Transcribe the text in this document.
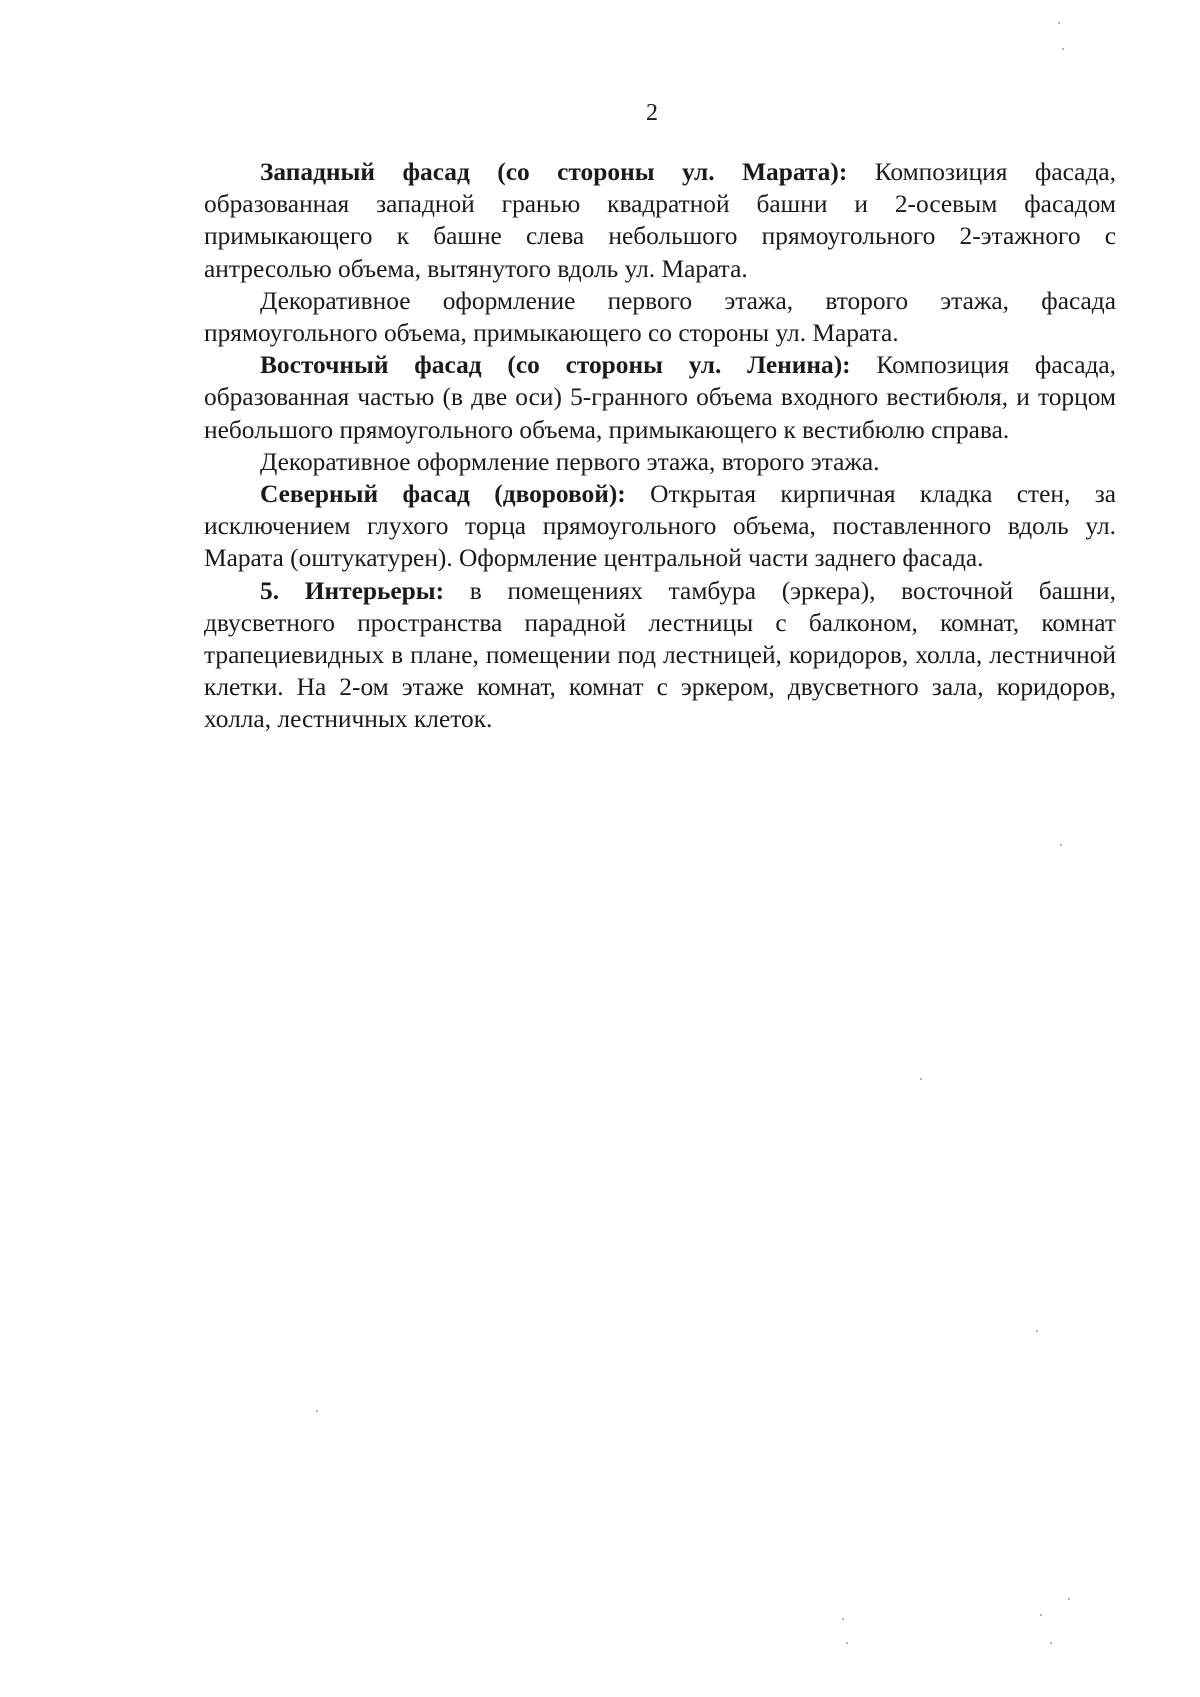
2

Западный фасад (со стороны ул. Марата): Композиция фасада, образованная западной гранью квадратной башни и 2-осевым фасадом примыкающего к башне слева небольшого прямоугольного 2-этажного с антресолью объема, вытянутого вдоль ул. Марата.

Декоративное оформление первого этажа, второго этажа, фасада прямоугольного объема, примыкающего со стороны ул. Марата.

Восточный фасад (со стороны ул. Ленина): Композиция фасада, образованная частью (в две оси) 5-гранного объема входного вестибюля, и торцом небольшого прямоугольного объема, примыкающего к вестибюлю справа.

Декоративное оформление первого этажа, второго этажа.

Северный фасад (дворовой): Открытая кирпичная кладка стен, за исключением глухого торца прямоугольного объема, поставленного вдоль ул. Марата (оштукатурен). Оформление центральной части заднего фасада.

5. Интерьеры: в помещениях тамбура (эркера), восточной башни, двусветного пространства парадной лестницы с балконом, комнат, комнат трапециевидных в плане, помещении под лестницей, коридоров, холла, лестничной клетки. На 2-ом этаже комнат, комнат с эркером, двусветного зала, коридоров, холла, лестничных клеток.
